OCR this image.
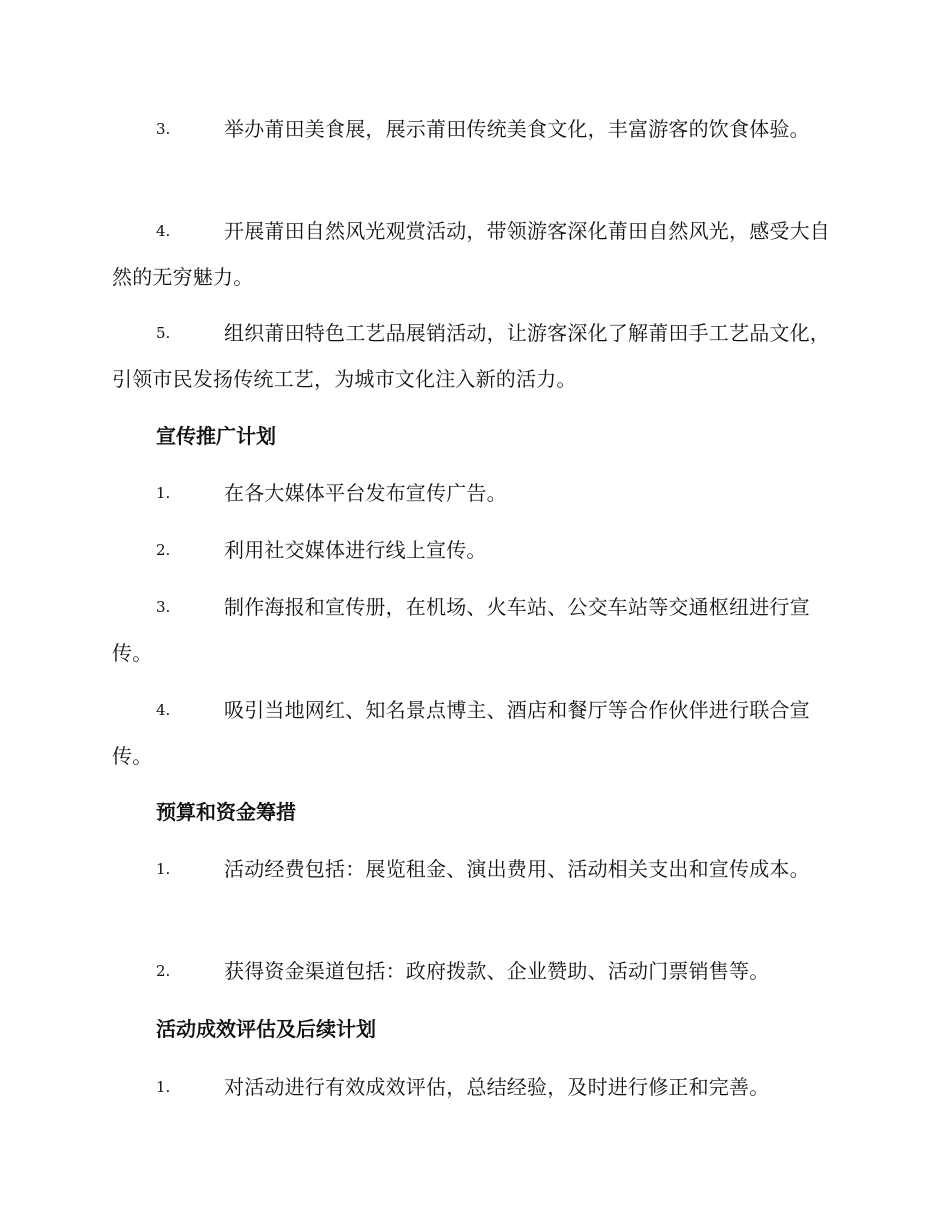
3.	举办莆田美食展，展示莆田传统美食文化，丰富游客的饮食体验。
4.	开展莆田自然风光观赏活动，带领游客深化莆田自然风光，感受大自然的无穷魅力。
5.	组织莆田特色工艺品展销活动，让游客深化了解莆田手工艺品文化，引领市民发扬传统工艺，为城市文化注入新的活力。
宣传推广计划
1.	在各大媒体平台发布宣传广告。
2.	利用社交媒体进行线上宣传。
3.	制作海报和宣传册，在机场、火车站、公交车站等交通枢纽进行宣传。
4.	吸引当地网红、知名景点博主、酒店和餐厅等合作伙伴进行联合宣传。
预算和资金筹措
1.	活动经费包括：展览租金、演出费用、活动相关支出和宣传成本。
2.	获得资金渠道包括：政府拨款、企业赞助、活动门票销售等。
活动成效评估及后续计划
1.	对活动进行有效成效评估，总结经验，及时进行修正和完善。
